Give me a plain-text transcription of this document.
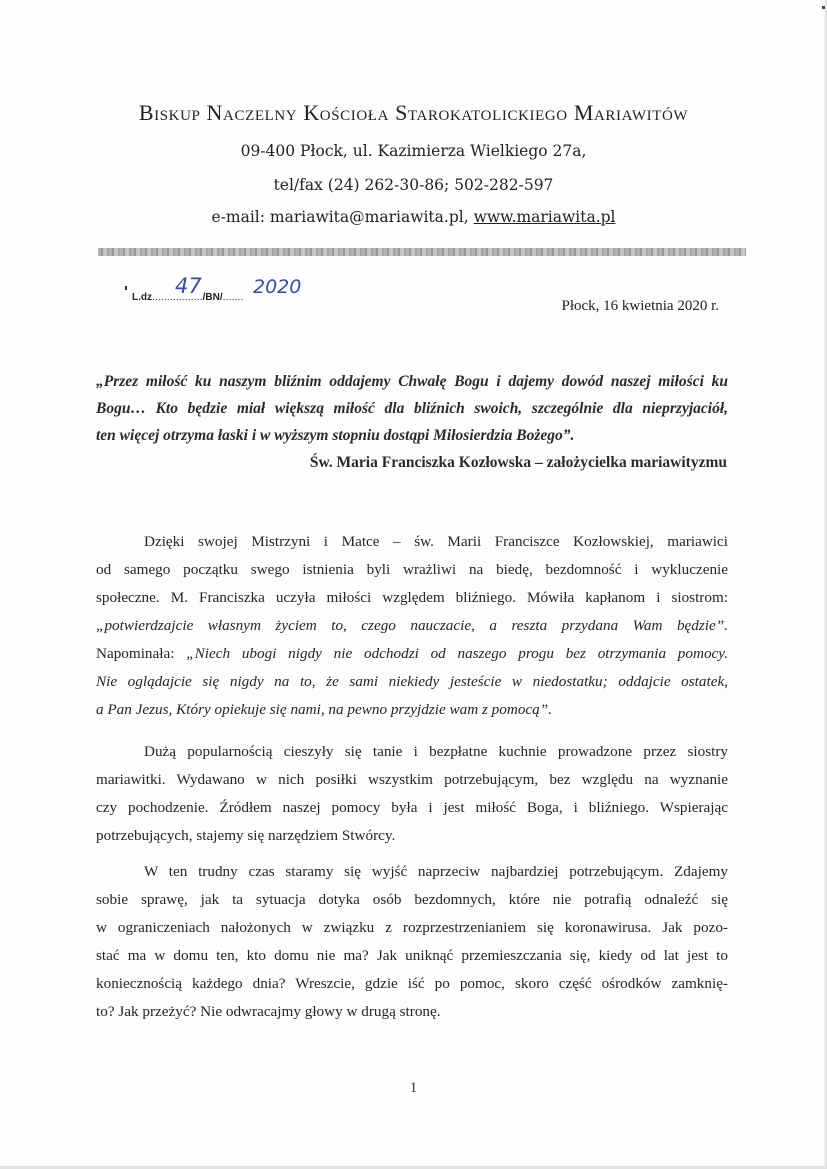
Biskup Naczelny Kościoła Starokatolickiego Mariawitów
09-400 Płock, ul. Kazimierza Wielkiego 27a,
tel/fax (24) 262-30-86; 502-282-597
e-mail: mariawita@mariawita.pl, www.mariawita.pl
L.dz................./BN/.......
47	2020
Płock, 16 kwietnia 2020 r.
„Przez miłość ku naszym bliźnim oddajemy Chwałę Bogu i dajemy dowód naszej miłości ku
Bogu… Kto będzie miał większą miłość dla bliźnich swoich, szczególnie dla nieprzyjaciół,
ten więcej otrzyma łaski i w wyższym stopniu dostąpi Miłosierdzia Bożego”.
Św. Maria Franciszka Kozłowska – założycielka mariawityzmu
Dzięki swojej Mistrzyni i Matce – św. Marii Franciszce Kozłowskiej, mariawici
od samego początku swego istnienia byli wrażliwi na biedę, bezdomność i wykluczenie
społeczne. M. Franciszka uczyła miłości względem bliźniego. Mówiła kapłanom i siostrom:
„potwierdzajcie własnym życiem to, czego nauczacie, a reszta przydana Wam będzie”.
Napominała: „Niech ubogi nigdy nie odchodzi od naszego progu bez otrzymania pomocy.
Nie oglądajcie się nigdy na to, że sami niekiedy jesteście w niedostatku; oddajcie ostatek,
a Pan Jezus, Który opiekuje się nami, na pewno przyjdzie wam z pomocą”.
Dużą popularnością cieszyły się tanie i bezpłatne kuchnie prowadzone przez siostry
mariawitki. Wydawano w nich posiłki wszystkim potrzebującym, bez względu na wyznanie
czy pochodzenie. Źródłem naszej pomocy była i jest miłość Boga, i bliźniego. Wspierając
potrzebujących, stajemy się narzędziem Stwórcy.
W ten trudny czas staramy się wyjść naprzeciw najbardziej potrzebującym. Zdajemy
sobie sprawę, jak ta sytuacja dotyka osób bezdomnych, które nie potrafią odnaleźć się
w ograniczeniach nałożonych w związku z rozprzestrzenianiem się koronawirusa. Jak pozo-
stać ma w domu ten, kto domu nie ma? Jak uniknąć przemieszczania się, kiedy od lat jest to
koniecznością każdego dnia? Wreszcie, gdzie iść po pomoc, skoro część ośrodków zamknię-
to? Jak przeżyć? Nie odwracajmy głowy w drugą stronę.
1
